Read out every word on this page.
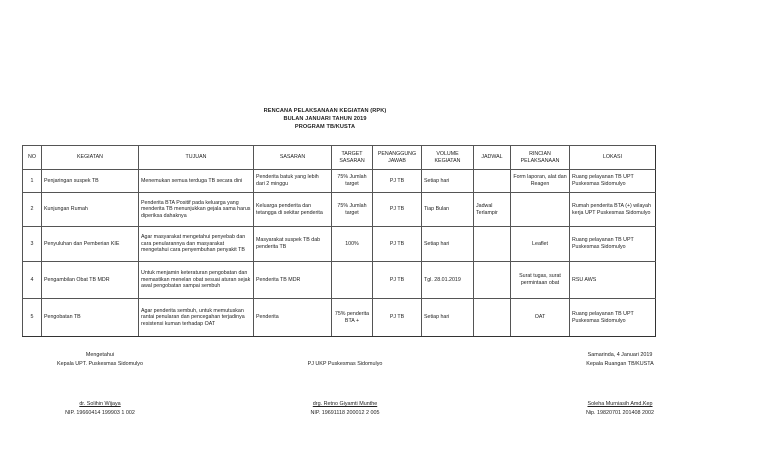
RENCANA PELAKSANAAN KEGIATAN (RPK)
BULAN JANUARI TAHUN 2019
PROGRAM TB/KUSTA
NO	KEGIATAN	TUJUAN	SASARAN	TARGET SASARAN	PENANGGUNG JAWAB	VOLUME KEGIATAN	JADWAL	RINCIAN PELAKSANAAN	LOKASI
1	Penjaringan suspek TB	Menemukan semua terduga TB secara dini	Penderita batuk yang lebih dari 2 minggu	75% Jumlah target	PJ TB	Setiap hari		Form laporan, alat dan Reagen	Ruang pelayanan TB UPT Puskesmas Sidomulyo
2	Kunjungan Rumah	Penderita BTA Positif pada keluarga yang menderita TB menunjukkan gejala sama harus diperiksa dahaknya	Keluarga penderita dan tetangga di sekitar penderita	75% Jumlah target	PJ TB	Tiap Bulan	Jadwal Terlampir		Rumah penderita BTA (+) wilayah kerja UPT Puskesmas Sidomulyo
3	Penyuluhan dan Pemberian KIE	Agar masyarakat mengetahui penyebab dan cara penularannya dan masyarakat mengetahui cara penyembuhan penyakit TB	Masyarakat suspek TB dab penderita TB	100%	PJ TB	Setiap hari		Leaflet	Ruang pelayanan TB UPT Puskesmas Sidomulyo
4	Pengambilan Obat TB MDR	Untuk menjamin keteraturan pengobatan dan memastikan menelan obat sesuai aturan sejak awal pengobatan sampai sembuh	Penderita TB MDR		PJ TB	Tgl. 28.01.2019		Surat tugas, surat permintaan obat	RSU AWS
5	Pengobatan TB	Agar penderita sembuh, untuk memutuskan rantai penularan dan pencegahan terjadinya resistensi kuman terhadap OAT	Penderita	75% penderita BTA +	PJ TB	Setiap hari		OAT	Ruang pelayanan TB UPT Puskesmas Sidomulyo
Mengetahui
Kepala UPT. Puskesmas Sidomulyo
dr. Solihin Wijaya
NIP. 19660414 199903 1 002

PJ UKP Puskesmas Sidomulyo
drg. Retno Giyamti Munthe
NIP. 19691118 200012 2 005
Samarinda, 4 Januari 2019
Kepala Ruangan TB/KUSTA
Soleha Murniasih Amd.Kep
Nip. 19820701 201408 2002
